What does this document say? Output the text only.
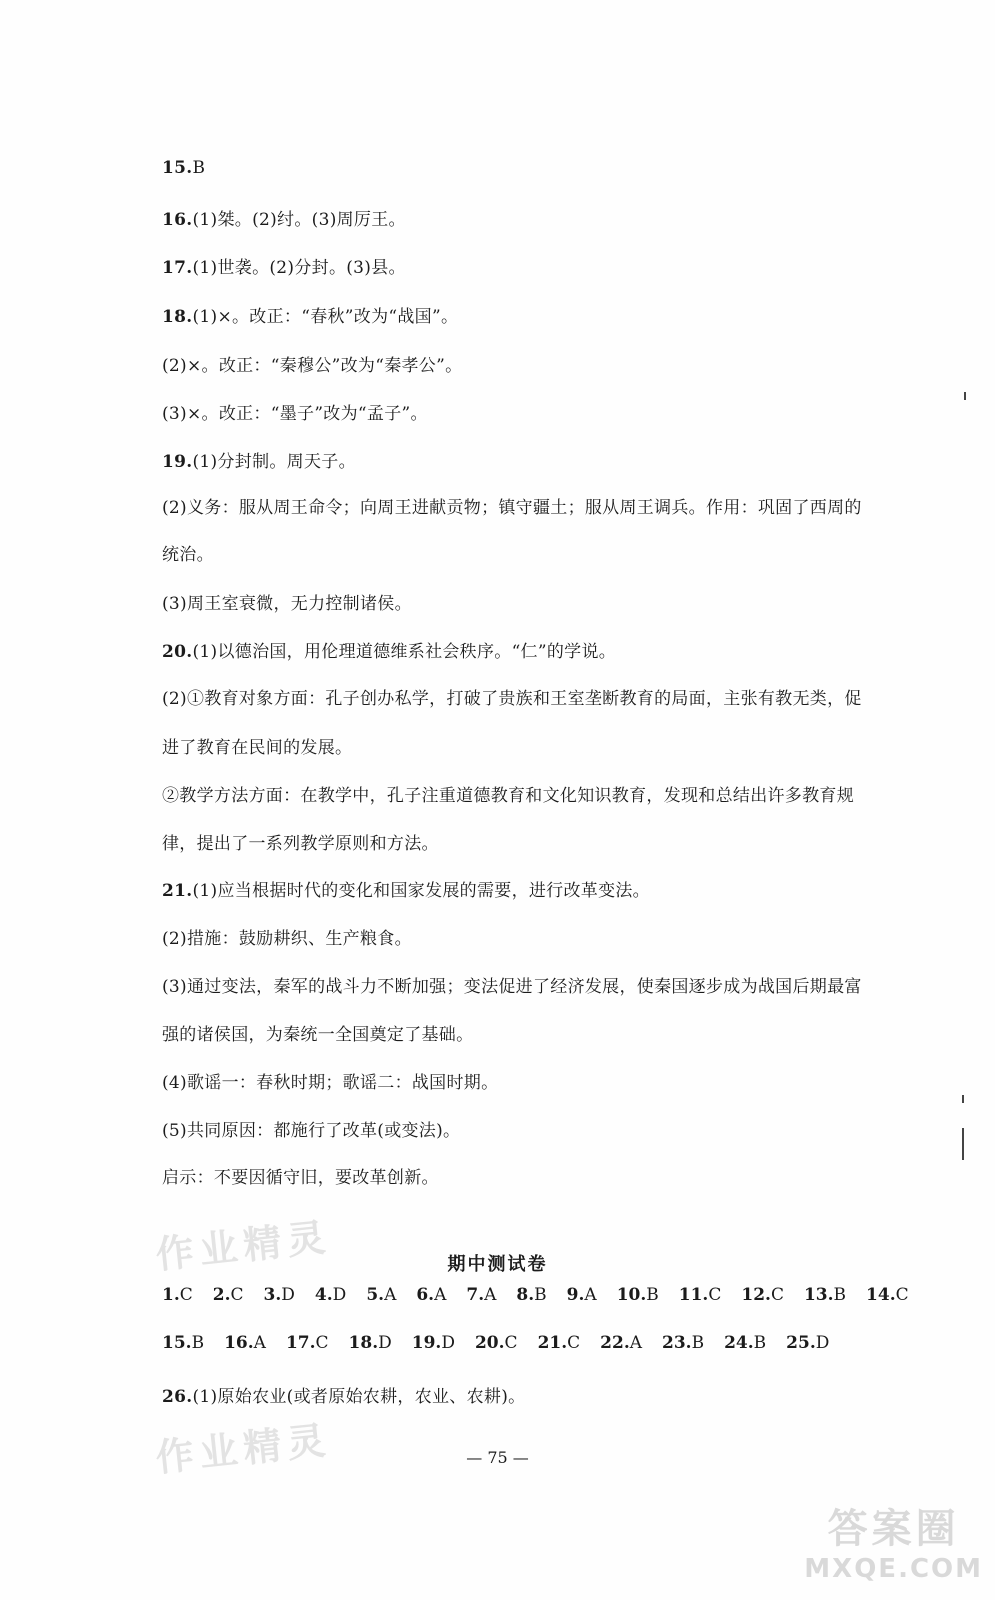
15.B
16.(1)桀。(2)纣。(3)周厉王。
17.(1)世袭。(2)分封。(3)县。
18.(1)×。改正：“春秋”改为“战国”。
(2)×。改正：“秦穆公”改为“秦孝公”。
(3)×。改正：“墨子”改为“孟子”。
19.(1)分封制。周天子。
(2)义务：服从周王命令；向周王进献贡物；镇守疆土；服从周王调兵。作用：巩固了西周的
统治。
(3)周王室衰微，无力控制诸侯。
20.(1)以德治国，用伦理道德维系社会秩序。“仁”的学说。
(2)①教育对象方面：孔子创办私学，打破了贵族和王室垄断教育的局面，主张有教无类，促
进了教育在民间的发展。
②教学方法方面：在教学中，孔子注重道德教育和文化知识教育，发现和总结出许多教育规
律，提出了一系列教学原则和方法。
21.(1)应当根据时代的变化和国家发展的需要，进行改革变法。
(2)措施：鼓励耕织、生产粮食。
(3)通过变法，秦军的战斗力不断加强；变法促进了经济发展，使秦国逐步成为战国后期最富
强的诸侯国，为秦统一全国奠定了基础。
(4)歌谣一：春秋时期；歌谣二：战国时期。
(5)共同原因：都施行了改革(或变法)。
启示：不要因循守旧，要改革创新。
期中测试卷
1.C 2.C 3.D 4.D 5.A 6.A 7.A 8.B 9.A 10.B 11.C 12.C 13.B 14.C
15.B 16.A 17.C 18.D 19.D 20.C 21.C 22.A 23.B 24.B 25.D
26.(1)原始农业(或者原始农耕，农业、农耕)。
— 75 —
作业精灵
作业精灵
答案圈
MXQE.COM
